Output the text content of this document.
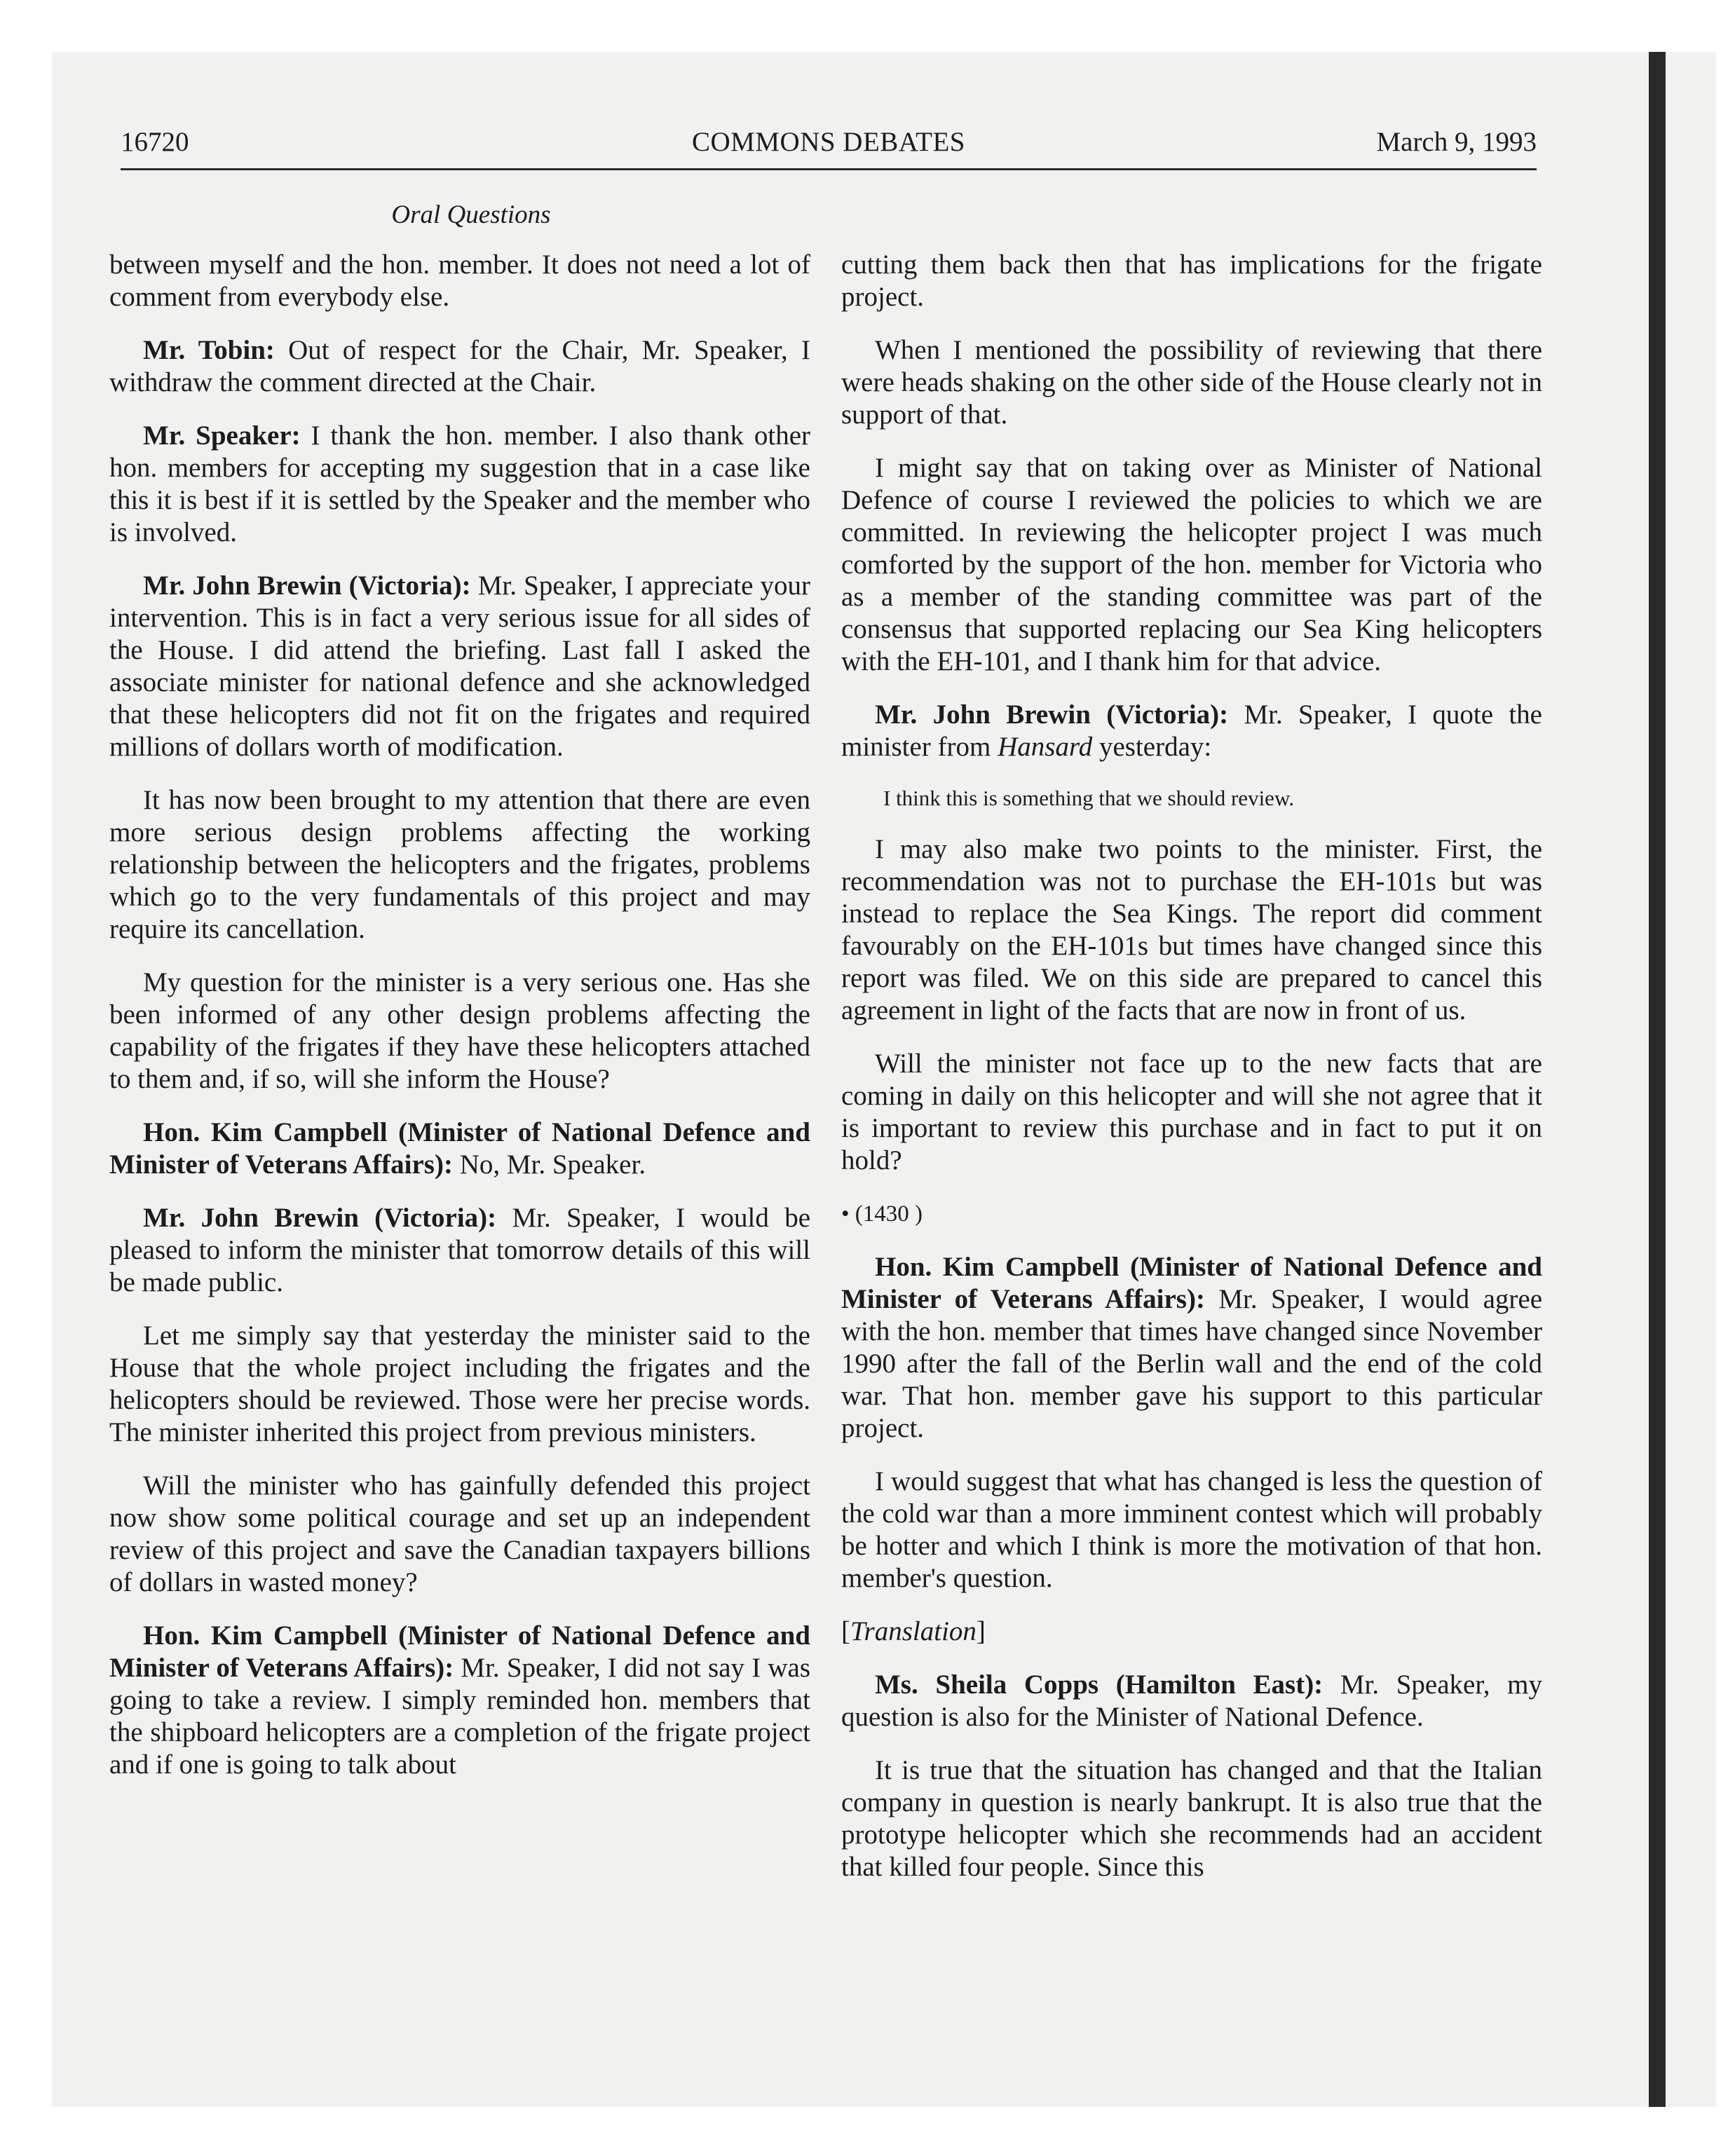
16720	COMMONS DEBATES	March 9, 1993
Oral Questions

between myself and the hon. member. It does not need a lot of comment from everybody else.

Mr. Tobin: Out of respect for the Chair, Mr. Speaker, I withdraw the comment directed at the Chair.

Mr. Speaker: I thank the hon. member. I also thank other hon. members for accepting my suggestion that in a case like this it is best if it is settled by the Speaker and the member who is involved.

Mr. John Brewin (Victoria): Mr. Speaker, I appreciate your intervention. This is in fact a very serious issue for all sides of the House. I did attend the briefing. Last fall I asked the associate minister for national defence and she acknowledged that these helicopters did not fit on the frigates and required millions of dollars worth of modification.

It has now been brought to my attention that there are even more serious design problems affecting the working relationship between the helicopters and the frigates, problems which go to the very fundamentals of this project and may require its cancellation.

My question for the minister is a very serious one. Has she been informed of any other design problems affecting the capability of the frigates if they have these helicopters attached to them and, if so, will she inform the House?

Hon. Kim Campbell (Minister of National Defence and Minister of Veterans Affairs): No, Mr. Speaker.

Mr. John Brewin (Victoria): Mr. Speaker, I would be pleased to inform the minister that tomorrow details of this will be made public.

Let me simply say that yesterday the minister said to the House that the whole project including the frigates and the helicopters should be reviewed. Those were her precise words. The minister inherited this project from previous ministers.

Will the minister who has gainfully defended this project now show some political courage and set up an independent review of this project and save the Canadian taxpayers billions of dollars in wasted money?

Hon. Kim Campbell (Minister of National Defence and Minister of Veterans Affairs): Mr. Speaker, I did not say I was going to take a review. I simply reminded hon. members that the shipboard helicopters are a completion of the frigate project and if one is going to talk about

cutting them back then that has implications for the frigate project.

When I mentioned the possibility of reviewing that there were heads shaking on the other side of the House clearly not in support of that.

I might say that on taking over as Minister of National Defence of course I reviewed the policies to which we are committed. In reviewing the helicopter project I was much comforted by the support of the hon. member for Victoria who as a member of the standing committee was part of the consensus that supported replacing our Sea King helicopters with the EH-101, and I thank him for that advice.

Mr. John Brewin (Victoria): Mr. Speaker, I quote the minister from Hansard yesterday:

I think this is something that we should review.

I may also make two points to the minister. First, the recommendation was not to purchase the EH-101s but was instead to replace the Sea Kings. The report did comment favourably on the EH-101s but times have changed since this report was filed. We on this side are prepared to cancel this agreement in light of the facts that are now in front of us.

Will the minister not face up to the new facts that are coming in daily on this helicopter and will she not agree that it is important to review this purchase and in fact to put it on hold?

• (1430 )

Hon. Kim Campbell (Minister of National Defence and Minister of Veterans Affairs): Mr. Speaker, I would agree with the hon. member that times have changed since November 1990 after the fall of the Berlin wall and the end of the cold war. That hon. member gave his support to this particular project.

I would suggest that what has changed is less the question of the cold war than a more imminent contest which will probably be hotter and which I think is more the motivation of that hon. member's question.

[Translation]

Ms. Sheila Copps (Hamilton East): Mr. Speaker, my question is also for the Minister of National Defence.

It is true that the situation has changed and that the Italian company in question is nearly bankrupt. It is also true that the prototype helicopter which she recommends had an accident that killed four people. Since this
